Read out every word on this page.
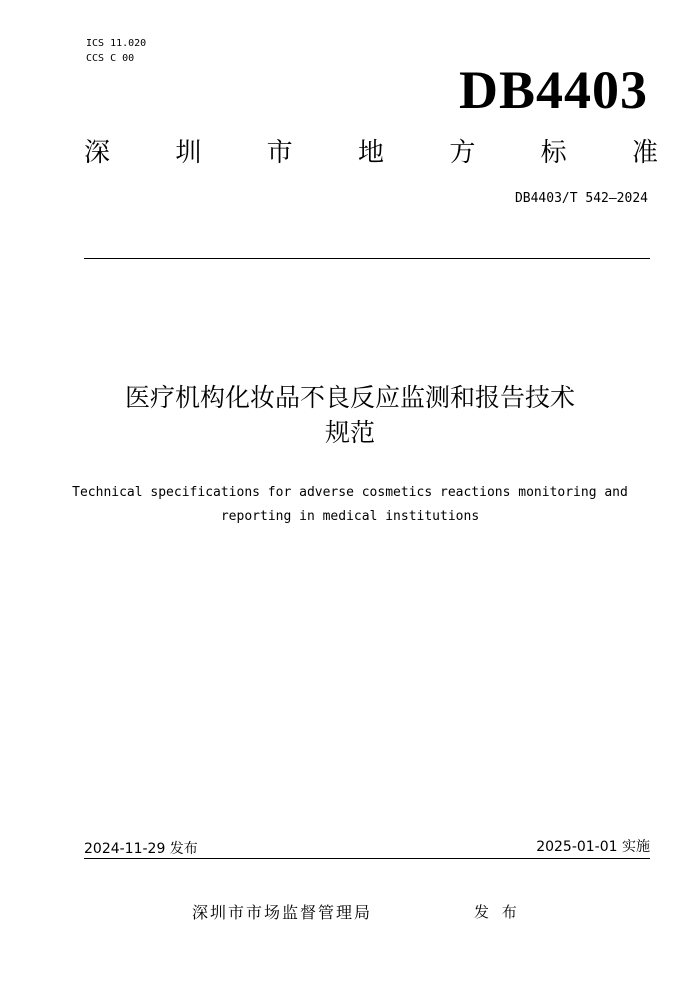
ICS 11.020
CCS C 00
DB4403
深	圳	市	地	方	标	准
DB4403/T 542—2024
医疗机构化妆品不良反应监测和报告技术
规范
Technical specifications for adverse cosmetics reactions monitoring and
reporting in medical institutions
2024-11-29 发布	2025-01-01 实施
深圳市市场监督管理局	发 布
